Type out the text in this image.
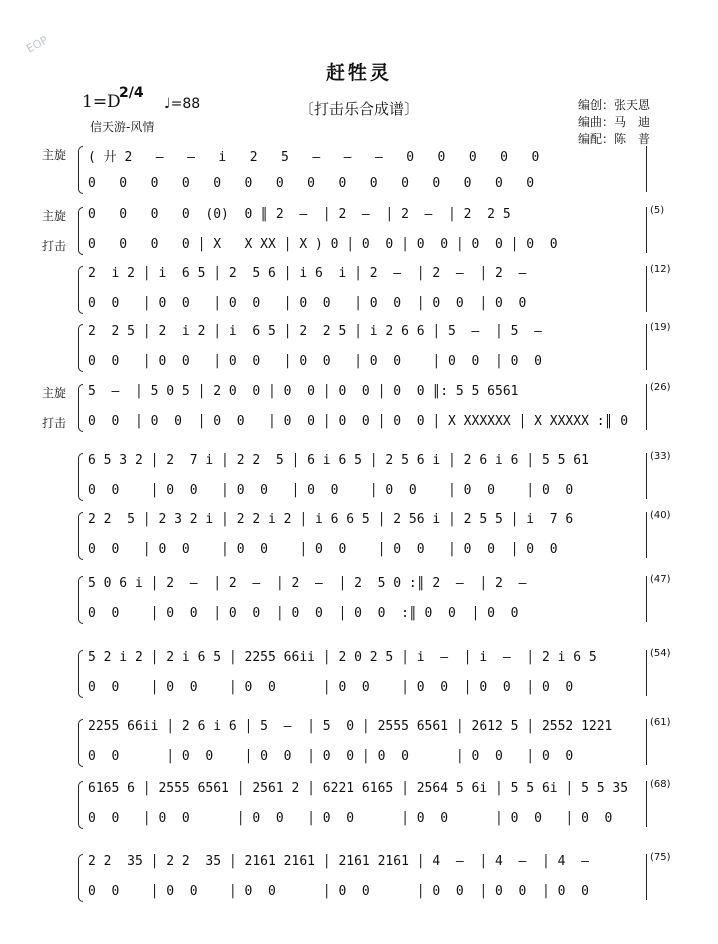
EOP
赶牲灵
〔打击乐合成谱〕
1=D
2/4
♩=88
信天游-风情
编创：张天恩
编曲：马　迪
编配：陈　普
主旋 ( 廾 2   —   —   i   2   5   —   —   —   0   0   0   0   0
0   0   0   0   0   0   0   0   0   0   0   0   0   0   0
主旋
打击
0   0   0   0  (0)  0 ║ 2  —  │ 2  —  │ 2  —  │ 2  2 5
0   0   0   0 │ X   X XX │ X ) 0 │ 0  0 │ 0  0 │ 0  0 │ 0  0
(5)
2  i 2 │ i  6 5 │ 2  5 6 │ i 6  i │ 2  —  │ 2  —  │ 2  —
0  0   │ 0  0   │ 0  0   │ 0  0   │ 0  0  │ 0  0  │ 0  0
(12)
2  2 5 │ 2  i 2 │ i  6 5 │ 2  2 5 │ i 2 6 6 │ 5  —  │ 5  —
0  0   │ 0  0   │ 0  0   │ 0  0   │ 0  0    │ 0  0  │ 0  0
(19)
主旋
打击
5  —  │ 5 0 5 │ 2 0  0 │ 0  0 │ 0  0 │ 0  0 ║: 5 5 6561
0  0  │ 0  0  │ 0  0   │ 0  0 │ 0  0 │ 0  0 │ X XXXXXX │ X XXXXX :║ 0
(26)
6 5 3 2 │ 2  7 i │ 2 2  5 │ 6 i 6 5 │ 2 5 6 i │ 2 6 i 6 │ 5 5 61
0  0    │ 0  0   │ 0  0   │ 0  0    │ 0  0    │ 0  0    │ 0  0
(33)
2 2  5 │ 2 3 2 i │ 2 2 i 2 │ i 6 6 5 │ 2 56 i │ 2 5 5 │ i  7 6
0  0   │ 0  0    │ 0  0    │ 0  0    │ 0  0   │ 0  0  │ 0  0
(40)
5 0 6 i │ 2  —  │ 2  —  │ 2  —  │ 2  5 0 :║ 2  —  │ 2  —
0  0    │ 0  0  │ 0  0  │ 0  0  │ 0  0  :║ 0  0  │ 0  0
(47)
5 2 i 2 │ 2 i 6 5 │ 2255 66ii │ 2 0 2 5 │ i  —  │ i  —  │ 2 i 6 5
0  0    │ 0  0    │ 0  0      │ 0  0    │ 0  0  │ 0  0  │ 0  0
(54)
2255 66ii │ 2 6 i 6 │ 5  —  │ 5  0 │ 2555 6561 │ 2612 5 │ 2552 1221
0  0      │ 0  0    │ 0  0  │ 0  0 │ 0  0      │ 0  0   │ 0  0
(61)
6165 6 │ 2555 6561 │ 2561 2 │ 6221 6165 │ 2564 5 6i │ 5 5 6i │ 5 5 35
0  0   │ 0  0      │ 0  0   │ 0  0      │ 0  0      │ 0  0   │ 0  0
(68)
2 2  35 │ 2 2  35 │ 2161 2161 │ 2161 2161 │ 4  —  │ 4  —  │ 4  —
0  0    │ 0  0    │ 0  0      │ 0  0      │ 0  0  │ 0  0  │ 0  0
(75)
